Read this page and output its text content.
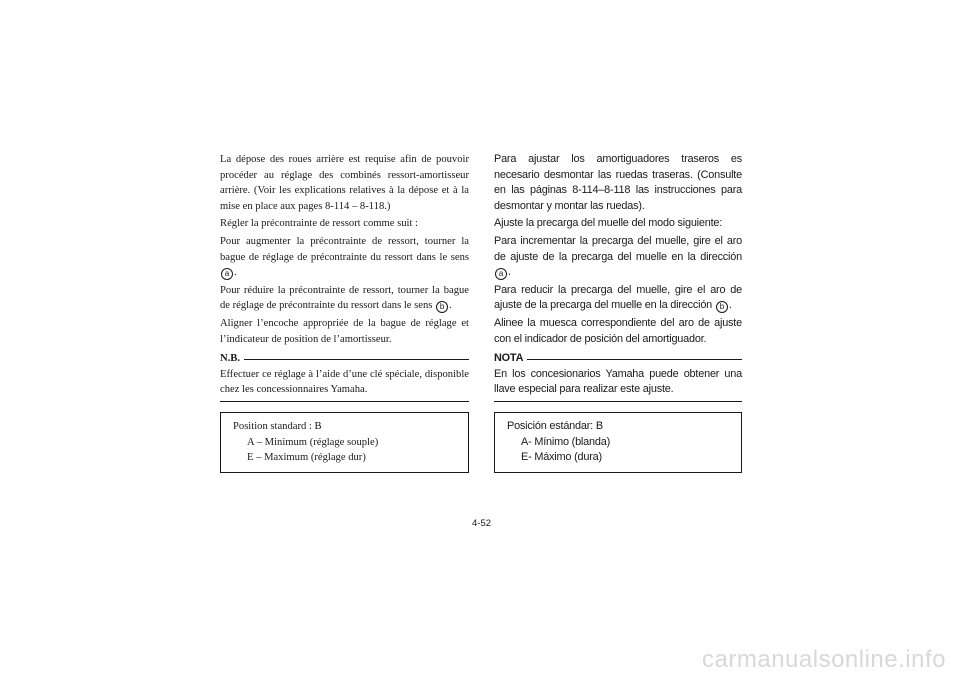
La dépose des roues arrière est requise afin de pouvoir procéder au réglage des combinés ressort-amortisseur arrière. (Voir les explications relatives à la dépose et à la mise en place aux pages 8-114 – 8-118.)

Régler la précontrainte de ressort comme suit :

Pour augmenter la précontrainte de ressort, tourner la bague de réglage de précontrainte du ressort dans le sens a .

Pour réduire la précontrainte de ressort, tourner la bague de réglage de précontrainte du ressort dans le sens b .

Aligner l’encoche appropriée de la bague de réglage et l’indicateur de position de l’amortisseur.

N.B.

Effectuer ce réglage à l’aide d’une clé spéciale, disponible chez les concessionnaires Yamaha.

Position standard : B

A – Minimum (réglage souple)

E – Maximum (réglage dur)

Para ajustar los amortiguadores traseros es necesario desmontar las ruedas traseras. (Consulte en las páginas 8-114–8-118 las instrucciones para desmontar y montar las ruedas).

Ajuste la precarga del muelle del modo siguiente:

Para incrementar la precarga del muelle, gire el aro de ajuste de la precarga del muelle en la dirección a .

Para reducir la precarga del muelle, gire el aro de ajuste de la precarga del muelle en la dirección b .

Alinee la muesca correspondiente del aro de ajuste con el indicador de posición del amortiguador.

NOTA

En los concesionarios Yamaha puede obtener una llave especial para realizar este ajuste.

Posición estándar: B

A- Mínimo (blanda)

E- Máximo (dura)

4-52
carmanualsonline.info
